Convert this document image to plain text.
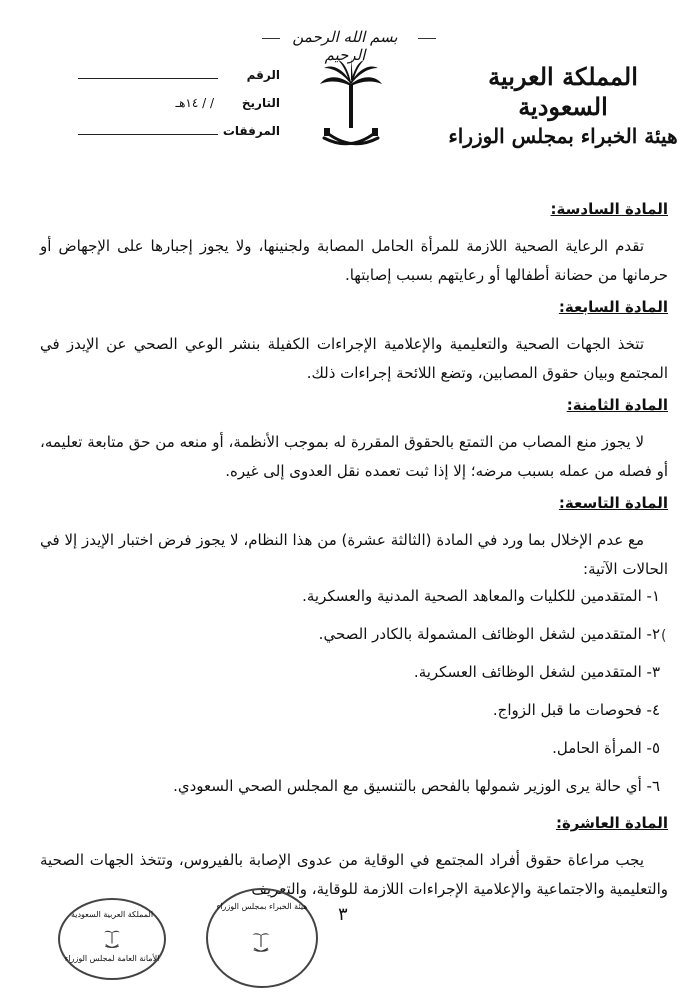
بسم الله الرحمن الرحيم
المملكة العربية السعودية
هيئة الخبراء بمجلس الوزراء
الرقم
التاريخ
/ / ١٤هـ
المرفقات
المادة السادسة:

تقدم الرعاية الصحية اللازمة للمرأة الحامل المصابة ولجنينها، ولا يجوز إجبارها على الإجهاض أو حرمانها من حضانة أطفالها أو رعايتهم بسبب إصابتها.

المادة السابعة:

تتخذ الجهات الصحية والتعليمية والإعلامية الإجراءات الكفيلة بنشر الوعي الصحي عن الإيدز في المجتمع وبيان حقوق المصابين، وتضع اللائحة إجراءات ذلك.

المادة الثامنة:

لا يجوز منع المصاب من التمتع بالحقوق المقررة له بموجب الأنظمة، أو منعه من حق متابعة تعليمه، أو فصله من عمله بسبب مرضه؛ إلا إذا ثبت تعمده نقل العدوى إلى غيره.

المادة التاسعة:

مع عدم الإخلال بما ورد في المادة (الثالثة عشرة) من هذا النظام، لا يجوز فرض اختبار الإيدز إلا في الحالات الآتية:

١- المتقدمين للكليات والمعاهد الصحية المدنية والعسكرية.
٢- المتقدمين لشغل الوظائف المشمولة بالكادر الصحي.
٣- المتقدمين لشغل الوظائف العسكرية.
٤- فحوصات ما قبل الزواج.
٥- المرأة الحامل.
٦- أي حالة يرى الوزير شمولها بالفحص بالتنسيق مع المجلس الصحي السعودي.
المادة العاشرة:

يجب مراعاة حقوق أفراد المجتمع في الوقاية من عدوى الإصابة بالفيروس، وتتخذ الجهات الصحية والتعليمية والاجتماعية والإعلامية الإجراءات اللازمة للوقاية، والتعريف

(
٣
هيئة الخبراء بمجلس الوزراء
المملكة العربية السعودية
الأمانة العامة لمجلس الوزراء
